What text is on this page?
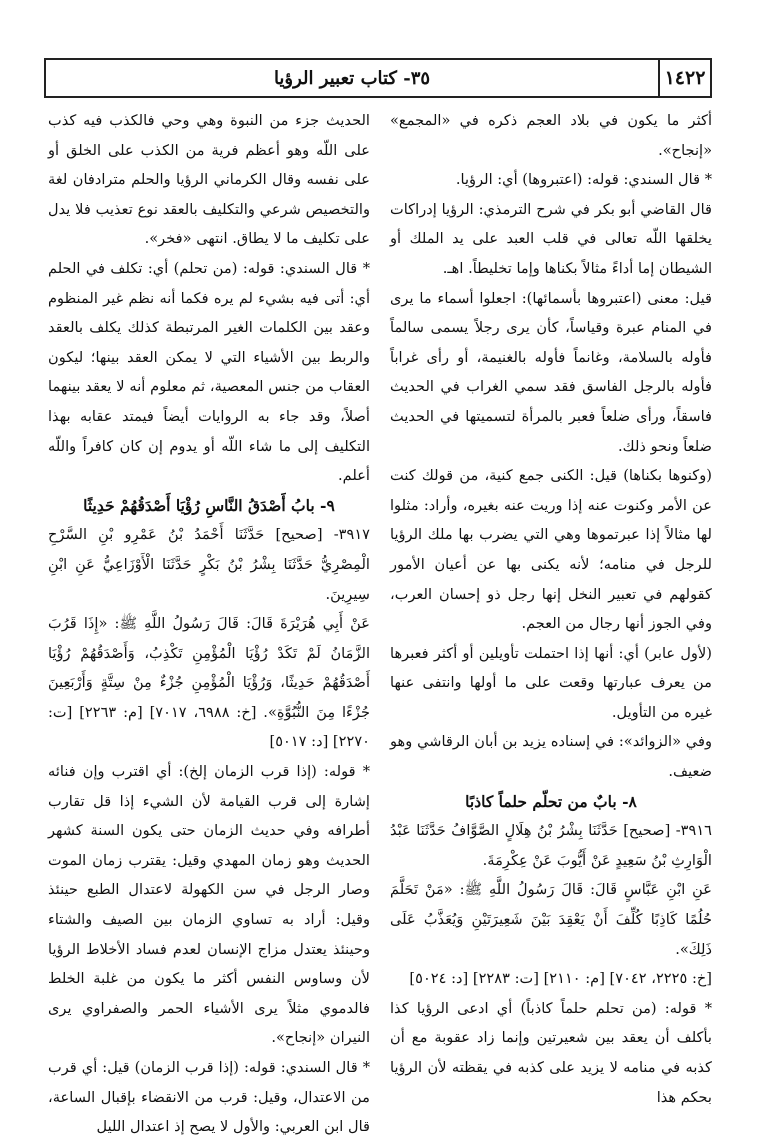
١٤٢٢
٣٥- كتاب تعبير الرؤيا

أكثر ما يكون في بلاد العجم ذكره في «المجمع» «إنجاح».

* قال السندي: قوله: (اعتبروها) أي: الرؤيا.

قال القاضي أبو بكر في شرح الترمذي: الرؤيا إدراكات يخلقها اللّه تعالى في قلب العبد على يد الملك أو الشيطان إما أداءً مثالاً بكناها وإما تخليطاً. اهـ.

قيل: معنى (اعتبروها بأسمائها): اجعلوا أسماء ما يرى في المنام عبرة وقياساً، كأن يرى رجلاً يسمى سالماً فأوله بالسلامة، وغانماً فأوله بالغنيمة، أو رأى غراباً فأوله بالرجل الفاسق فقد سمي الغراب في الحديث فاسقاً، ورأى ضلعاً فعبر بالمرأة لتسميتها في الحديث ضلعاً ونحو ذلك.

(وكنوها بكناها) قيل: الكنى جمع كنية، من قولك كنت عن الأمر وكنوت عنه إذا وريت عنه بغيره، وأراد: مثلوا لها مثالاً إذا عبرتموها وهي التي يضرب بها ملك الرؤيا للرجل في منامه؛ لأنه يكنى بها عن أعيان الأمور كقولهم في تعبير النخل إنها رجل ذو إحسان العرب، وفي الجوز أنها رجال من العجم.

(لأول عابر) أي: أنها إذا احتملت تأويلين أو أكثر فعبرها من يعرف عبارتها وقعت على ما أولها وانتفى عنها غيره من التأويل.

وفي «الزوائد»: في إسناده يزيد بن أبان الرقاشي وهو ضعيف.

٨- بابٌ من تحلّم حلماً كاذبًا

٣٩١٦- [صحيح] حَدَّثَنَا بِشْرُ بْنُ هِلَالٍ الصَّوَّافُ حَدَّثَنَا عَبْدُ الْوَارِثِ بْنُ سَعِيدٍ عَنْ أَيُّوبَ عَنْ عِكْرِمَةَ.

عَنِ ابْنِ عَبَّاسٍ قَالَ: قَالَ رَسُولُ اللَّهِ ﷺ: «مَنْ تَحَلَّمَ حُلُمًا كَاذِبًا كُلِّفَ أَنْ يَعْقِدَ بَيْنَ شَعِيرَتَيْنِ وَيُعَذَّبُ عَلَى ذَلِكَ».

[خ: ٢٢٢٥، ٧٠٤٢] [م: ٢١١٠] [ت: ٢٢٨٣] [د: ٥٠٢٤]

* قوله: (من تحلم حلماً كاذباً) أي ادعى الرؤيا كذا بأكلف أن يعقد بين شعيرتين وإنما زاد عقوبة مع أن كذبه في منامه لا يزيد على كذبه في يقظته لأن الرؤيا بحكم هذا

الحديث جزء من النبوة وهي وحي فالكذب فيه كذب على اللّه وهو أعظم فرية من الكذب على الخلق أو على نفسه وقال الكرماني الرؤيا والحلم مترادفان لغة والتخصيص شرعي والتكليف بالعقد نوع تعذيب فلا يدل على تكليف ما لا يطاق. انتهى «فخر».

* قال السندي: قوله: (من تحلم) أي: تكلف في الحلم أي: أتى فيه بشيء لم يره فكما أنه نظم غير المنظوم وعقد بين الكلمات الغير المرتبطة كذلك يكلف بالعقد والربط بين الأشياء التي لا يمكن العقد بينها؛ ليكون العقاب من جنس المعصية، ثم معلوم أنه لا يعقد بينهما أصلاً، وقد جاء به الروايات أيضاً فيمتد عقابه بهذا التكليف إلى ما شاء اللّه أو يدوم إن كان كافراً واللّه أعلم.

٩- بابُ أَصْدَقُ النَّاسِ رُؤْيَا أَصْدَقُهُمْ حَدِيثًا

٣٩١٧- [صحيح] حَدَّثَنَا أَحْمَدُ بْنُ عَمْرِو بْنِ السَّرْحِ الْمِصْرِيُّ حَدَّثَنَا بِشْرُ بْنُ بَكْرٍ حَدَّثَنَا الْأَوْزَاعِيُّ عَنِ ابْنِ سِيرِينَ.

عَنْ أَبِي هُرَيْرَةَ قَالَ: قَالَ رَسُولُ اللَّهِ ﷺ: «إِذَا قَرُبَ الزَّمَانُ لَمْ تَكَدْ رُؤْيَا الْمُؤْمِنِ تَكْذِبُ، وَأَصْدَقُهُمْ رُؤْيَا أَصْدَقُهُمْ حَدِيثًا، وَرُؤْيَا الْمُؤْمِنِ جُزْءٌ مِنْ سِتَّةٍ وَأَرْبَعِينَ جُزْءًا مِنَ النُّبُوَّةِ». [خ: ٦٩٨٨، ٧٠١٧] [م: ٢٢٦٣] [ت: ٢٢٧٠] [د: ٥٠١٧]

* قوله: (إذا قرب الزمان إلخ): أي اقترب وإن فنائه إشارة إلى قرب القيامة لأن الشيء إذا قل تقارب أطرافه وفي حديث الزمان حتى يكون السنة كشهر الحديث وهو زمان المهدي وقيل: يقترب زمان الموت وصار الرجل في سن الكهولة لاعتدال الطبع حينئذ وقيل: أراد به تساوي الزمان بين الصيف والشتاء وحينئذ يعتدل مزاج الإنسان لعدم فساد الأخلاط الرؤيا لأن وساوس النفس أكثر ما يكون من غلبة الخلط فالدموي مثلاً يرى الأشياء الحمر والصفراوي يرى النيران «إنجاح».

* قال السندي: قوله: (إذا قرب الزمان) قيل: أي قرب من الاعتدال، وقيل: قرب من الانقضاء بإقبال الساعة، قال ابن العربي: والأول لا يصح إذ اعتدال الليل
